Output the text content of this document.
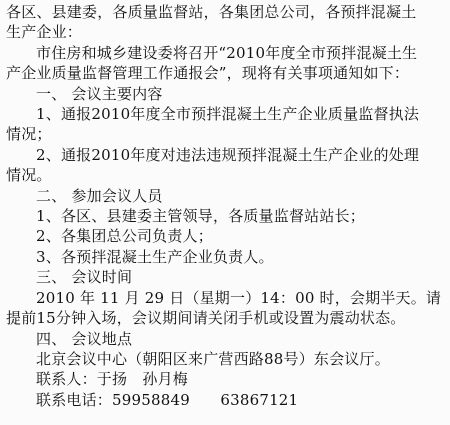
各区、县建委，各质量监督站，各集团总公司，各预拌混凝土
生产企业：
市住房和城乡建设委将召开“2010年度全市预拌混凝土生
产企业质量监督管理工作通报会”，现将有关事项通知如下：
一、 会议主要内容
1、通报2010年度全市预拌混凝土生产企业质量监督执法
情况；
2、通报2010年度对违法违规预拌混凝土生产企业的处理
情况。
二、 参加会议人员
1、各区、县建委主管领导，各质量监督站站长；
2、各集团总公司负责人；
3、各预拌混凝土生产企业负责人。
三、 会议时间
2010 年 11 月 29 日（星期一）14：00 时，会期半天。请
提前15分钟入场，会议期间请关闭手机或设置为震动状态。
四、 会议地点
北京会议中心（朝阳区来广营西路88号）东会议厅。
联系人：于扬　孙月梅
联系电话：59958849　　63867121
